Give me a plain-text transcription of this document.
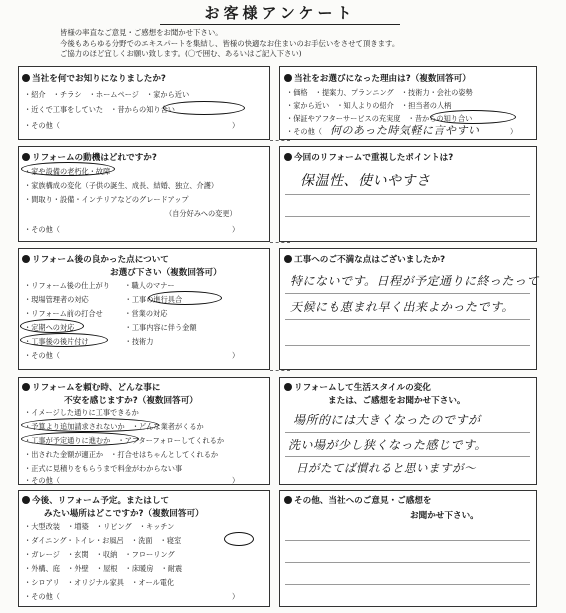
お客様アンケート
皆様の率直なご意見・ご感想をお聞かせ下さい。
今後もあらゆる分野でのエキスパートを集結し、皆様の快適なお住まいのお手伝いをさせて頂きます。
ご協力のほど宜しくお願い致します。(〇で囲む、あるいはご記入下さい)
当社を何でお知りになりましたか?
・紹介　・チラシ　・ホームページ　・家から近い
・近くで工事をしていた　・昔からの知り合い
・その他（
リフォームの動機はどれですか?
・家や設備の老朽化・故障
・家族構成の変化（子供の誕生、成長、結婚、独立、介護）
・間取り・設備・インテリアなどのグレードアップ
（自分好みへの変更）
・その他（
リフォーム後の良かった点について
お選び下さい（複数回答可）
・リフォーム後の仕上がり　　・職人のマナー
・現場管理者の対応　　　　　・工事の進行具合
・リフォーム前の打合せ　　　・営業の対応
・定期への対応　　　　　　　・工事内容に伴う金額
・工事後の後片付け　　　　　・技術力
・その他（
リフォームを頼む時、どんな事に
不安を感じますか?（複数回答可）
・イメージした通りに工事できるか
・予算より追加請求されないか　・どんな業者がくるか
・工事が予定通りに進むか　・アフターフォローしてくれるか
・出された金額が適正か　・打合せはちゃんとしてくれるか
・正式に見積りをもらうまで料金がわからない事
・その他（
今後、リフォーム予定。またはして
みたい場所はどこですか?（複数回答可）
・大型改装　・増築　・リビング　・キッチン
・ダイニング・トイレ・お風呂　・洗面　・寝室
・ガレージ　・玄関　・収納　・フローリング
・外構、庭　・外壁　・屋根　・床暖房　・耐震
・シロアリ　・オリジナル家具　・オール電化
・その他（
当社をお選びになった理由は?（複数回答可）
・価格　・提案力、プランニング　・技術力・会社の姿勢
・家から近い　・知人よりの紹介　・担当者の人柄
・保証やアフターサービスの充実度　・昔からの知り合い
・その他（ 何のあった時気軽に言やすい
今回のリフォームで重視したポイントは?
保温性、使いやすさ
工事へのご不満な点はございましたか?
特にないです。日程が予定通りに終ったって
天候にも恵まれ早く出来よかったです。
リフォームして生活スタイルの変化
または、ご感想をお聞かせ下さい。
場所的には大きくなったのですが
洗い場が少し狭くなった感じです。
日がたてば慣れると思いますが〜
その他、当社へのご意見・ご感想を
お聞かせ下さい。
）
）
）
）
）
）
